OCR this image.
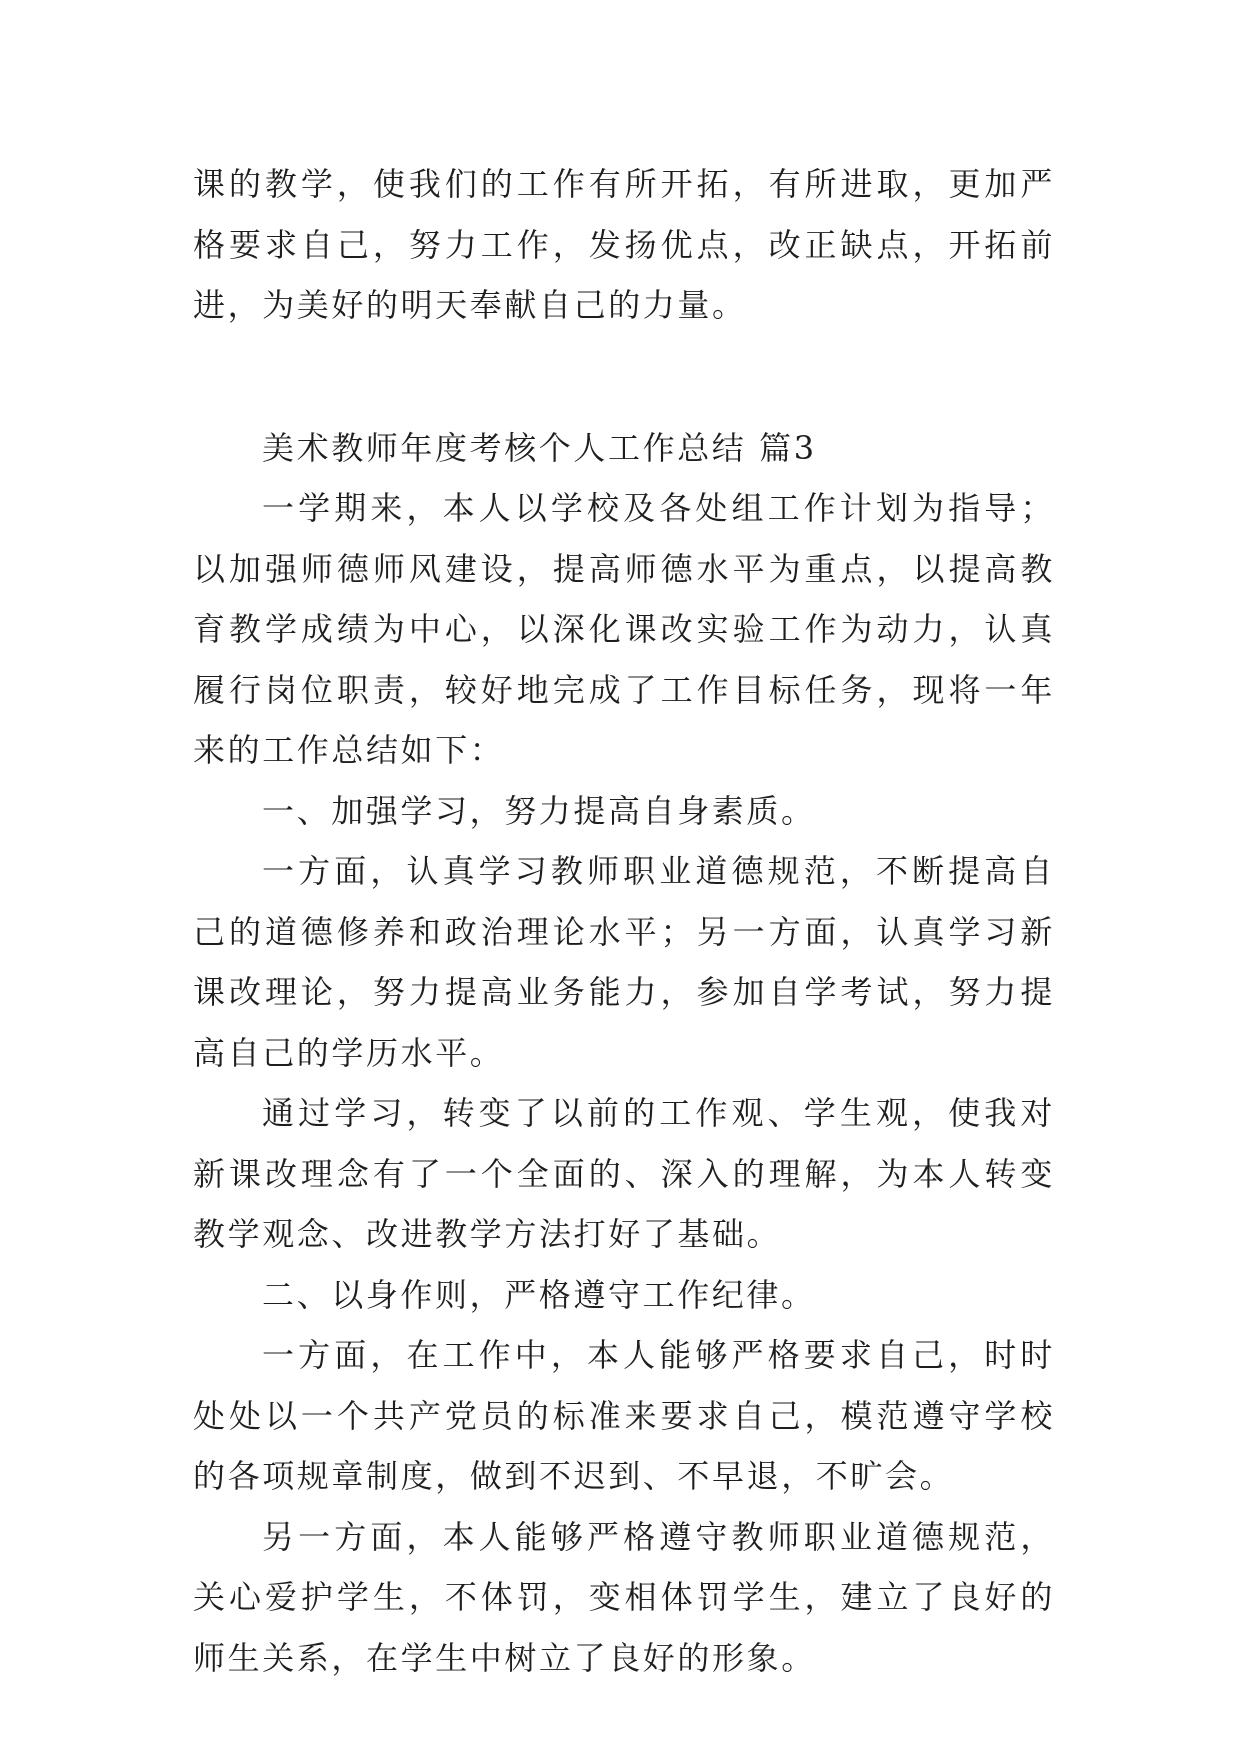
课的教学，使我们的工作有所开拓，有所进取，更加严格要求自己，努力工作，发扬优点，改正缺点，开拓前进，为美好的明天奉献自己的力量。

美术教师年度考核个人工作总结 篇3

一学期来，本人以学校及各处组工作计划为指导；以加强师德师风建设，提高师德水平为重点，以提高教育教学成绩为中心，以深化课改实验工作为动力，认真履行岗位职责，较好地完成了工作目标任务，现将一年来的工作总结如下：

一、加强学习，努力提高自身素质。

一方面，认真学习教师职业道德规范，不断提高自己的道德修养和政治理论水平；另一方面，认真学习新课改理论，努力提高业务能力，参加自学考试，努力提高自己的学历水平。

通过学习，转变了以前的工作观、学生观，使我对新课改理念有了一个全面的、深入的理解，为本人转变教学观念、改进教学方法打好了基础。

二、以身作则，严格遵守工作纪律。

一方面，在工作中，本人能够严格要求自己，时时处处以一个共产党员的标准来要求自己，模范遵守学校的各项规章制度，做到不迟到、不早退，不旷会。

另一方面，本人能够严格遵守教师职业道德规范，关心爱护学生，不体罚，变相体罚学生，建立了良好的师生关系，在学生中树立了良好的形象。
